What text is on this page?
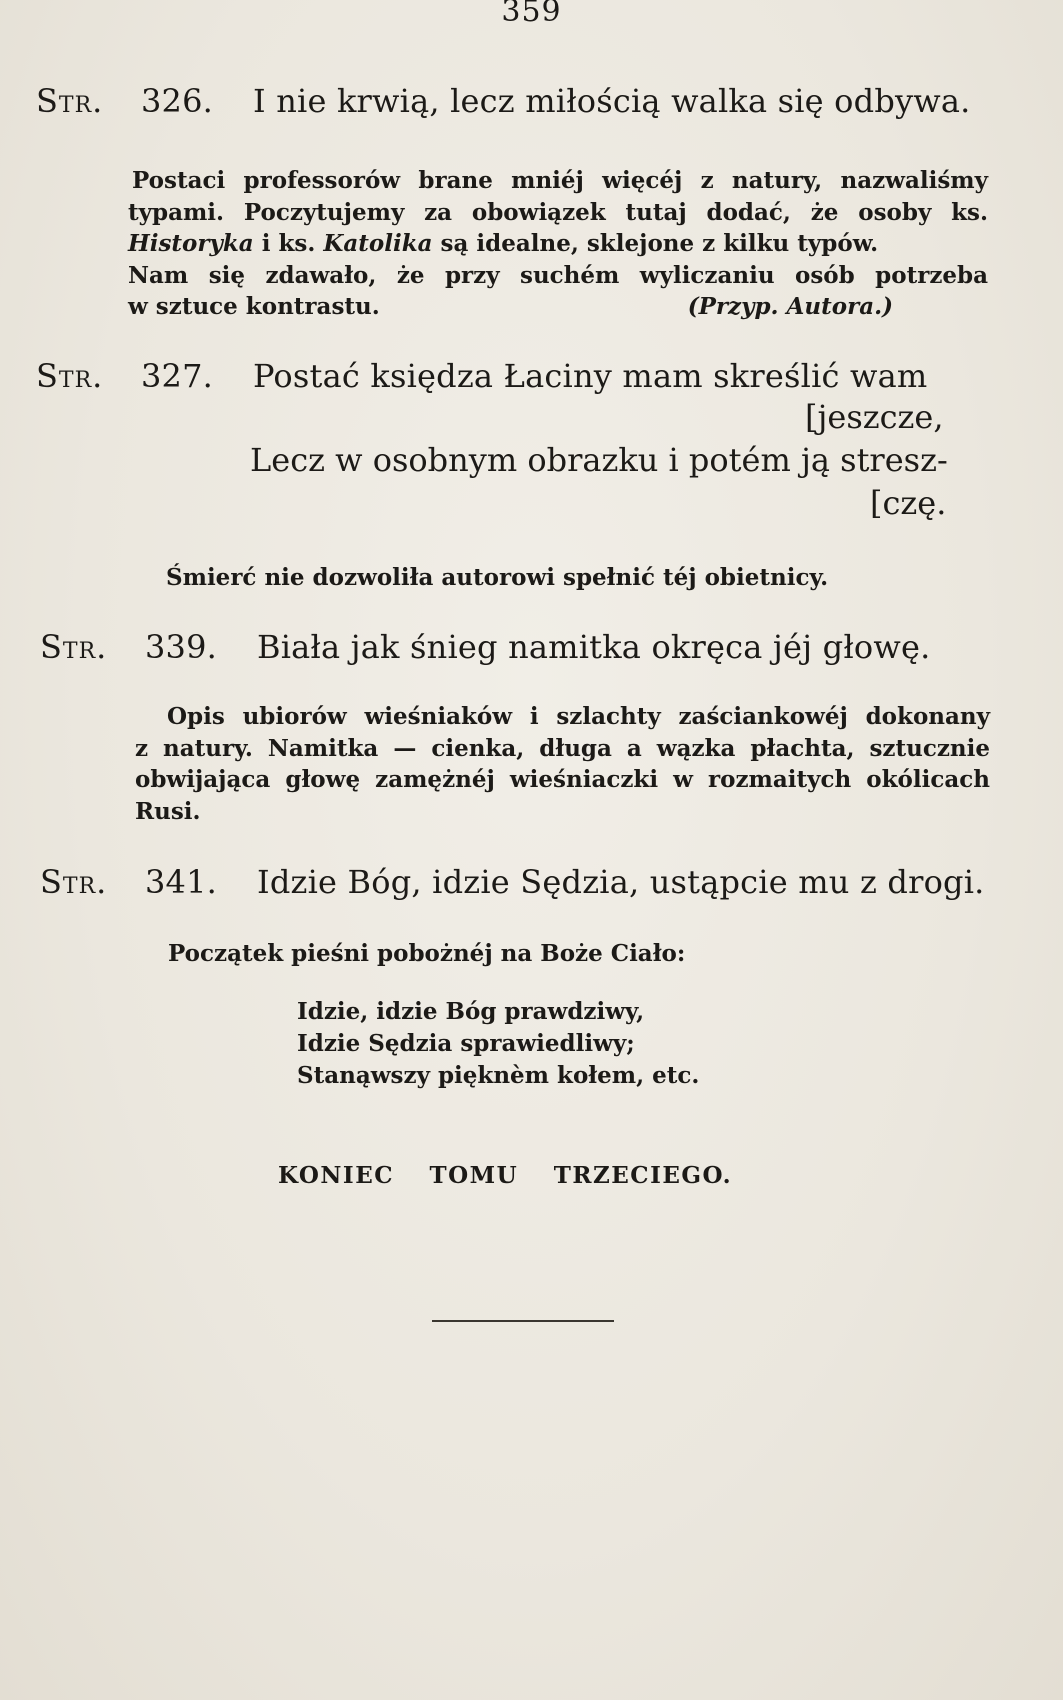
359
Str. 326. I nie krwią, lecz miłością walka się odbywa.
Postaci professorów brane mniéj więcéj z natury, nazwaliśmy
typami. Poczytujemy za obowiązek tutaj dodać, że osoby ks.
Historyka i ks. Katolika są idealne, sklejone z kilku typów.
Nam się zdawało, że przy suchém wyliczaniu osób potrzeba
w sztuce kontrastu.	(Przyp. Autora.)
Str. 327. Postać księdza Łaciny mam skreślić wam
[jeszcze,
Lecz w osobnym obrazku i potém ją stresz-
[czę.
Śmierć nie dozwoliła autorowi spełnić téj obietnicy.
Str. 339. Biała jak śnieg namitka okręca jéj głowę.
Opis ubiorów wieśniaków i szlachty zaściankowéj dokonany
z natury. Namitka — cienka, długa a wązka płachta, sztucznie
obwijająca głowę zamężnéj wieśniaczki w rozmaitych okólicach
Rusi.
Str. 341. Idzie Bóg, idzie Sędzia, ustąpcie mu z drogi.
Początek pieśni pobożnéj na Boże Ciało:
Idzie, idzie Bóg prawdziwy,
Idzie Sędzia sprawiedliwy;
Stanąwszy pięknèm kołem, etc.
KONIEC TOMU TRZECIEGO.
